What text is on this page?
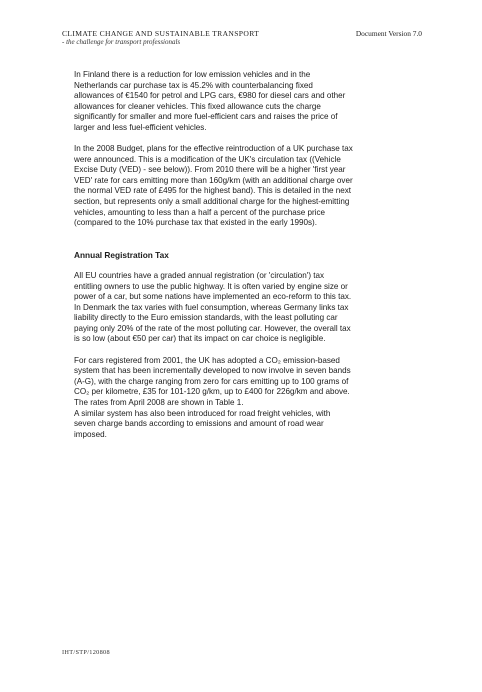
CLIMATE CHANGE AND SUSTAINABLE TRANSPORT
- the challenge for transport professionals
Document Version 7.0

In Finland there is a reduction for low emission vehicles and in the
Netherlands car purchase tax is 45.2% with counterbalancing fixed
allowances of €1540 for petrol and LPG cars, €980 for diesel cars and other
allowances for cleaner vehicles. This fixed allowance cuts the charge
significantly for smaller and more fuel-efficient cars and raises the price of
larger and less fuel-efficient vehicles.

In the 2008 Budget, plans for the effective reintroduction of a UK purchase tax
were announced. This is a modification of the UK's circulation tax ((Vehicle
Excise Duty (VED) - see below)). From 2010 there will be a higher 'first year
VED' rate for cars emitting more than 160g/km (with an additional charge over
the normal VED rate of £495 for the highest band). This is detailed in the next
section, but represents only a small additional charge for the highest-emitting
vehicles, amounting to less than a half a percent of the purchase price
(compared to the 10% purchase tax that existed in the early 1990s).

Annual Registration Tax

All EU countries have a graded annual registration (or 'circulation') tax
entitling owners to use the public highway. It is often varied by engine size or
power of a car, but some nations have implemented an eco-reform to this tax.
In Denmark the tax varies with fuel consumption, whereas Germany links tax
liability directly to the Euro emission standards, with the least polluting car
paying only 20% of the rate of the most polluting car. However, the overall tax
is so low (about €50 per car) that its impact on car choice is negligible.

For cars registered from 2001, the UK has adopted a CO₂ emission-based
system that has been incrementally developed to now involve in seven bands
(A-G), with the charge ranging from zero for cars emitting up to 100 grams of
CO₂ per kilometre, £35 for 101-120 g/km, up to £400 for 226g/km and above.
The rates from April 2008 are shown in Table 1.

A similar system has also been introduced for road freight vehicles, with
seven charge bands according to emissions and amount of road wear
imposed.

IHT/STP/120808
